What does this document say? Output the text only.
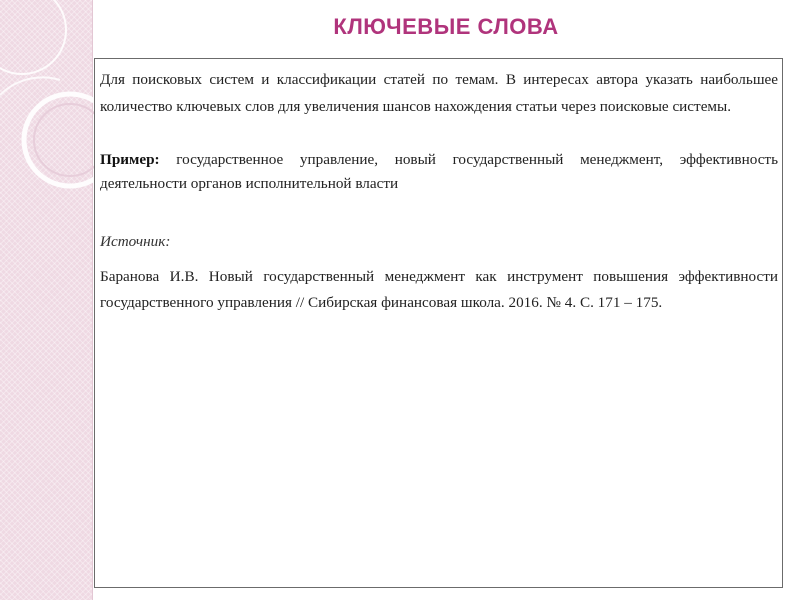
КЛЮЧЕВЫЕ СЛОВА

Для поисковых систем и классификации статей по темам. В интересах автора указать наибольшее количество ключевых слов для увеличения шансов нахождения статьи через поисковые системы.

Пример: государственное управление, новый государственный менеджмент, эффективность деятельности органов исполнительной власти

Источник:

Баранова И.В. Новый государственный менеджмент как инструмент повышения эффективности государственного управления // Сибирская финансовая школа. 2016. № 4. С. 171 – 175.
